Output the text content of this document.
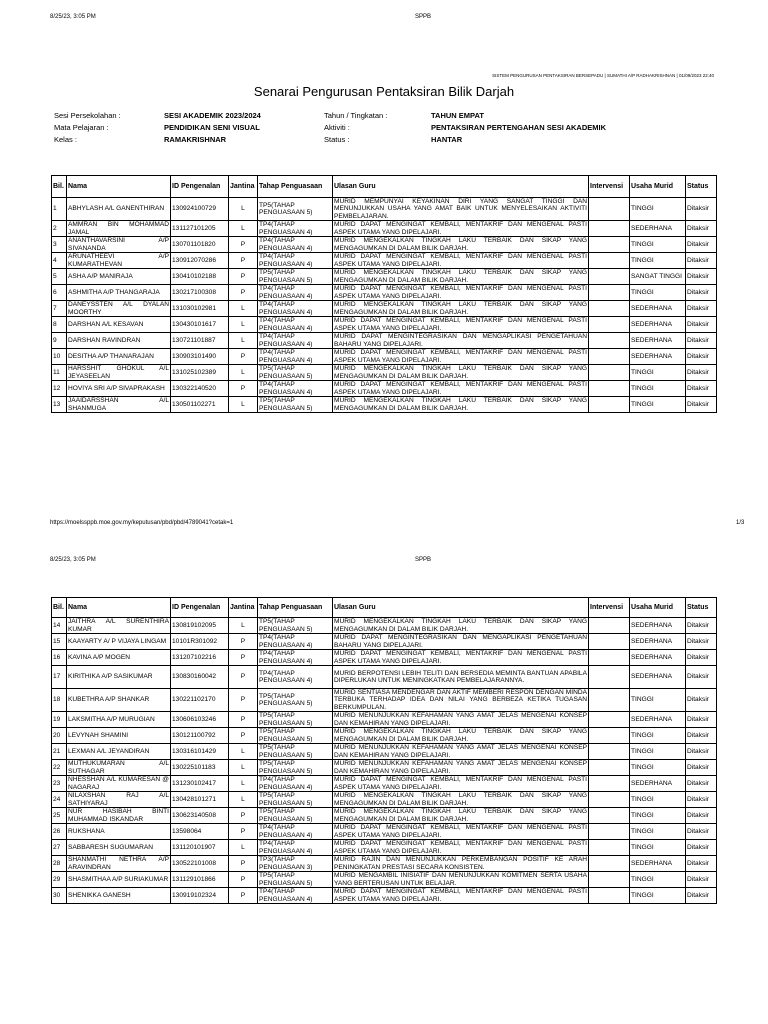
8/25/23, 3:05 PM	SPPB
SISTEM PENGURUSAN PENTAKSIRAN BERSEPADU | SUMATHI A/P RADHAKRISHNAN | 01/09/2023 22:40
Senarai Pengurusan Pentaksiran Bilik Darjah
Sesi Persekolahan :	SESI AKADEMIK 2023/2024
Mata Pelajaran :	PENDIDIKAN SENI VISUAL
Kelas :	RAMAKRISHNAR
Tahun / Tingkatan :	TAHUN EMPAT
Aktiviti :	PENTAKSIRAN PERTENGAHAN SESI AKADEMIK
Status :	HANTAR
Bil.	Nama	ID Pengenalan	Jantina	Tahap Penguasaan	Ulasan Guru	Intervensi	Usaha Murid	Status
1	ABHYLASH A/L GANENTHIRAN	130924100729	L	TP5(TAHAP PENGUASAAN 5)	MURID MEMPUNYAI KEYAKINAN DIRI YANG SANGAT TINGGI DAN MENUNJUKKAN USAHA YANG AMAT BAIK UNTUK MENYELESAIKAN AKTIVITI PEMBELAJARAN.		TINGGI	Ditaksir
2	AMMRAN BIN MOHAMMAD JAMAL	131127101205	L	TP4(TAHAP PENGUASAAN 4)	MURID DAPAT MENGINGAT KEMBALI, MENTAKRIF DAN MENGENAL PASTI ASPEK UTAMA YANG DIPELAJARI.		SEDERHANA	Ditaksir
3	ANANTHAVARSINI A/P SIVANANDA	130701101820	P	TP4(TAHAP PENGUASAAN 4)	MURID MENGEKALKAN TINGKAH LAKU TERBAIK DAN SIKAP YANG MENGAGUMKAN DI DALAM BILIK DARJAH.		TINGGI	Ditaksir
4	ARUNATHEEVI A/P KUMARATHEVAN	130912070286	P	TP4(TAHAP PENGUASAAN 4)	MURID DAPAT MENGINGAT KEMBALI, MENTAKRIF DAN MENGENAL PASTI ASPEK UTAMA YANG DIPELAJARI.		TINGGI	Ditaksir
5	ASHA A/P MANIRAJA	130410102188	P	TP5(TAHAP PENGUASAAN 5)	MURID MENGEKALKAN TINGKAH LAKU TERBAIK DAN SIKAP YANG MENGAGUMKAN DI DALAM BILIK DARJAH.		SANGAT TINGGI	Ditaksir
6	ASHMITHA A/P THANGARAJA	130217100308	P	TP4(TAHAP PENGUASAAN 4)	MURID DAPAT MENGINGAT KEMBALI, MENTAKRIF DAN MENGENAL PASTI ASPEK UTAMA YANG DIPELAJARI.		TINGGI	Ditaksir
7	DANEYSSTEN A/L DYALAN MOORTHY	131030102981	L	TP4(TAHAP PENGUASAAN 4)	MURID MENGEKALKAN TINGKAH LAKU TERBAIK DAN SIKAP YANG MENGAGUMKAN DI DALAM BILIK DARJAH.		SEDERHANA	Ditaksir
8	DARSHAN A/L KESAVAN	130430101617	L	TP4(TAHAP PENGUASAAN 4)	MURID DAPAT MENGINGAT KEMBALI, MENTAKRIF DAN MENGENAL PASTI ASPEK UTAMA YANG DIPELAJARI.		SEDERHANA	Ditaksir
9	DARSHAN RAVINDRAN	130721101887	L	TP4(TAHAP PENGUASAAN 4)	MURID DAPAT MENGINTEGRASIKAN DAN MENGAPLIKASI PENGETAHUAN BAHARU YANG DIPELAJARI.		SEDERHANA	Ditaksir
10	DESITHA A/P THANARAJAN	130903101490	P	TP4(TAHAP PENGUASAAN 4)	MURID DAPAT MENGINGAT KEMBALI, MENTAKRIF DAN MENGENAL PASTI ASPEK UTAMA YANG DIPELAJARI.		SEDERHANA	Ditaksir
11	HARSSHIT GHOKUL A/L JEYASEELAN	131025102389	L	TP5(TAHAP PENGUASAAN 5)	MURID MENGEKALKAN TINGKAH LAKU TERBAIK DAN SIKAP YANG MENGAGUMKAN DI DALAM BILIK DARJAH.		TINGGI	Ditaksir
12	HOVIYA SRI A/P SIVAPRAKASH	130322140520	P	TP4(TAHAP PENGUASAAN 4)	MURID DAPAT MENGINGAT KEMBALI, MENTAKRIF DAN MENGENAL PASTI ASPEK UTAMA YANG DIPELAJARI.		TINGGI	Ditaksir
13	JAAIDARSSHAN A/L SHANMUGA	130501102271	L	TP5(TAHAP PENGUASAAN 5)	MURID MENGEKALKAN TINGKAH LAKU TERBAIK DAN SIKAP YANG MENGAGUMKAN DI DALAM BILIK DARJAH.		TINGGI	Ditaksir
https://moelssppb.moe.gov.my/keputusan/pbd/pbd/4789041?cetak=1	1/3
8/25/23, 3:05 PM	SPPB
Bil.	Nama	ID Pengenalan	Jantina	Tahap Penguasaan	Ulasan Guru	Intervensi	Usaha Murid	Status
14	JAITHRA A/L SURENTHIRA KUMAR	130819102095	L	TP5(TAHAP PENGUASAAN 5)	MURID MENGEKALKAN TINGKAH LAKU TERBAIK DAN SIKAP YANG MENGAGUMKAN DI DALAM BILIK DARJAH.		SEDERHANA	Ditaksir
15	KAAYARTY A/ P VIJAYA LINGAM	10101R301092	P	TP4(TAHAP PENGUASAAN 4)	MURID DAPAT MENGINTEGRASIKAN DAN MENGAPLIKASI PENGETAHUAN BAHARU YANG DIPELAJARI.		SEDERHANA	Ditaksir
16	KAVINA A/P MOGEN	131207102216	P	TP4(TAHAP PENGUASAAN 4)	MURID DAPAT MENGINGAT KEMBALI, MENTAKRIF DAN MENGENAL PASTI ASPEK UTAMA YANG DIPELAJARI.		SEDERHANA	Ditaksir
17	KIRITHIKA A/P SASIKUMAR	130830160042	P	TP4(TAHAP PENGUASAAN 4)	MURID BERPOTENSI LEBIH TELITI DAN BERSEDIA MEMINTA BANTUAN APABILA DIPERLUKAN UNTUK MENINGKATKAN PEMBELAJARANNYA.		SEDERHANA	Ditaksir
18	KUBETHRA A/P SHANKAR	130221102170	P	TP5(TAHAP PENGUASAAN 5)	MURID SENTIASA MENDENGAR DAN AKTIF MEMBERI RESPON DENGAN MINDA TERBUKA TERHADAP IDEA DAN NILAI YANG BERBEZA KETIKA TUGASAN BERKUMPULAN.		TINGGI	Ditaksir
19	LAKSMITHA A/P MURUGIAN	130606103246	P	TP5(TAHAP PENGUASAAN 5)	MURID MENUNJUKKAN KEFAHAMAN YANG AMAT JELAS MENGENAI KONSEP DAN KEMAHIRAN YANG DIPELAJARI.		SEDERHANA	Ditaksir
20	LEVYNAH SHAMINI	130121100792	P	TP5(TAHAP PENGUASAAN 5)	MURID MENGEKALKAN TINGKAH LAKU TERBAIK DAN SIKAP YANG MENGAGUMKAN DI DALAM BILIK DARJAH.		TINGGI	Ditaksir
21	LEXMAN A/L JEYANDIRAN	130316101429	L	TP5(TAHAP PENGUASAAN 5)	MURID MENUNJUKKAN KEFAHAMAN YANG AMAT JELAS MENGENAI KONSEP DAN KEMAHIRAN YANG DIPELAJARI.		TINGGI	Ditaksir
22	MUTHUKUMARAN A/L SUTHAGAR	130225101183	L	TP5(TAHAP PENGUASAAN 5)	MURID MENUNJUKKAN KEFAHAMAN YANG AMAT JELAS MENGENAI KONSEP DAN KEMAHIRAN YANG DIPELAJARI.		TINGGI	Ditaksir
23	NHESSHAN A/L KUMARESAN @ NAGARAJ	131230102417	L	TP4(TAHAP PENGUASAAN 4)	MURID DAPAT MENGINGAT KEMBALI, MENTAKRIF DAN MENGENAL PASTI ASPEK UTAMA YANG DIPELAJARI.		SEDERHANA	Ditaksir
24	NILAXSHAN RAJ A/L SATHIYARAJ	130428101271	L	TP5(TAHAP PENGUASAAN 5)	MURID MENGEKALKAN TINGKAH LAKU TERBAIK DAN SIKAP YANG MENGAGUMKAN DI DALAM BILIK DARJAH.		TINGGI	Ditaksir
25	NUR HASIBAH BINTI MUHAMMAD ISKANDAR	130623140508	P	TP5(TAHAP PENGUASAAN 5)	MURID MENGEKALKAN TINGKAH LAKU TERBAIK DAN SIKAP YANG MENGAGUMKAN DI DALAM BILIK DARJAH.		TINGGI	Ditaksir
26	RUKSHANA	13598064	P	TP4(TAHAP PENGUASAAN 4)	MURID DAPAT MENGINGAT KEMBALI, MENTAKRIF DAN MENGENAL PASTI ASPEK UTAMA YANG DIPELAJARI.		TINGGI	Ditaksir
27	SABBARESH SUGUMARAN	131120101907	L	TP4(TAHAP PENGUASAAN 4)	MURID DAPAT MENGINGAT KEMBALI, MENTAKRIF DAN MENGENAL PASTI ASPEK UTAMA YANG DIPELAJARI.		TINGGI	Ditaksir
28	SHANMATHI NETHRA A/P ARAVINDRAN	130522101008	P	TP3(TAHAP PENGUASAAN 3)	MURID RAJIN DAN MENUNJUKKAN PERKEMBANGAN POSITIF KE ARAH PENINGKATAN PRESTASI SECARA KONSISTEN.		SEDERHANA	Ditaksir
29	SHASMITHAA A/P SURIAKUMAR	131129101866	P	TP5(TAHAP PENGUASAAN 5)	MURID MENGAMBIL INISIATIF DAN MENUNJUKKAN KOMITMEN SERTA USAHA YANG BERTERUSAN UNTUK BELAJAR.		TINGGI	Ditaksir
30	SHENIKKA GANESH	130919102324	P	TP4(TAHAP PENGUASAAN 4)	MURID DAPAT MENGINGAT KEMBALI, MENTAKRIF DAN MENGENAL PASTI ASPEK UTAMA YANG DIPELAJARI.		TINGGI	Ditaksir
